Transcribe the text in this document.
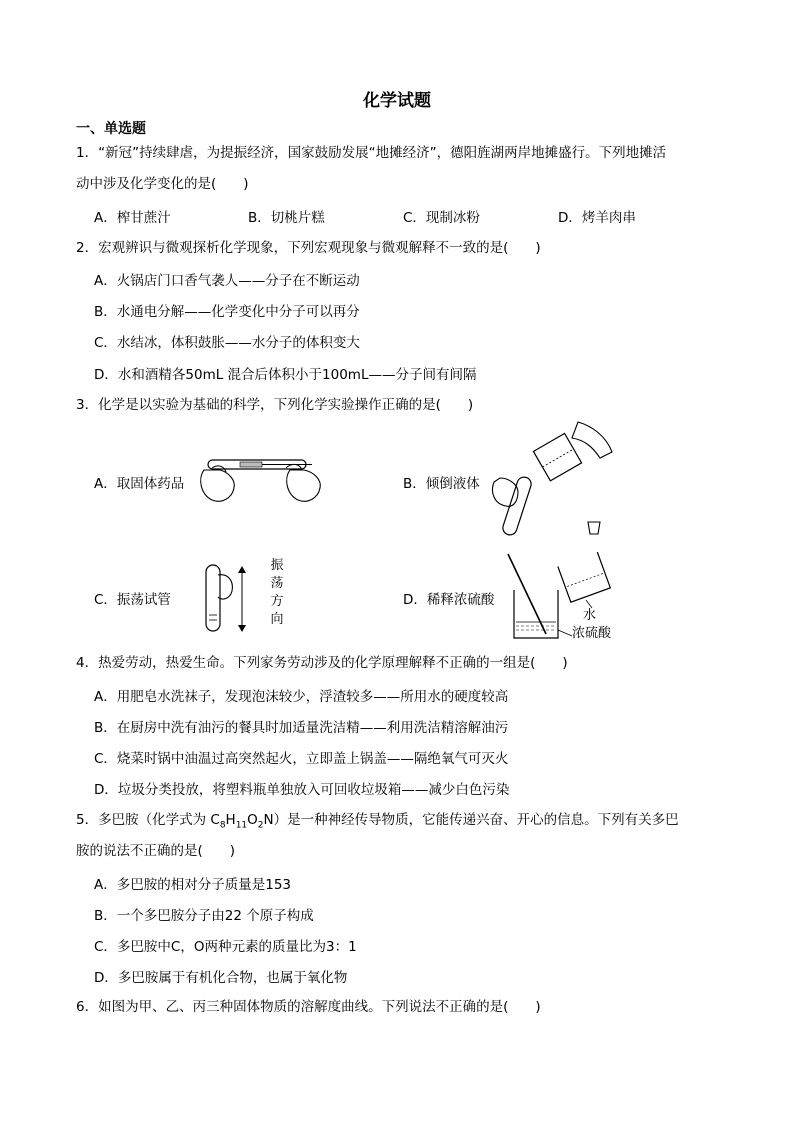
化学试题
一、单选题
1．“新冠”持续肆虐，为提振经济，国家鼓励发展“地摊经济”，德阳旌湖两岸地摊盛行。下列地摊活
动中涉及化学变化的是(　　)
A．榨甘蔗汁	B．切桃片糕	C．现制冰粉	D．烤羊肉串
2．宏观辨识与微观探析化学现象，下列宏观现象与微观解释不一致的是(　　)
A．火锅店门口香气袭人——分子在不断运动
B．水通电分解——化学变化中分子可以再分
C．水结冰，体积鼓胀——水分子的体积变大
D．水和酒精各50mL 混合后体积小于100mL——分子间有间隔
3．化学是以实验为基础的科学，下列化学实验操作正确的是(　　)
A．取固体药品	B．倾倒液体
C．振荡试管	D．稀释浓硫酸
振
荡
方
向	水
浓硫酸
4．热爱劳动，热爱生命。下列家务劳动涉及的化学原理解释不正确的一组是(　　)
A．用肥皂水洗袜子，发现泡沫较少，浮渣较多——所用水的硬度较高
B．在厨房中洗有油污的餐具时加适量洗洁精——利用洗洁精溶解油污
C．烧菜时锅中油温过高突然起火，立即盖上锅盖——隔绝氧气可灭火
D．垃圾分类投放，将塑料瓶单独放入可回收垃圾箱——减少白色污染
5．多巴胺（化学式为 $C_8H_{11}O_2N$）是一种神经传导物质，它能传递兴奋、开心的信息。下列有关多巴
胺的说法不正确的是(　　)
A．多巴胺的相对分子质量是153
B．一个多巴胺分子由22 个原子构成
C．多巴胺中C，O两种元素的质量比为3：1
D．多巴胺属于有机化合物，也属于氧化物
6．如图为甲、乙、丙三种固体物质的溶解度曲线。下列说法不正确的是(　　)
